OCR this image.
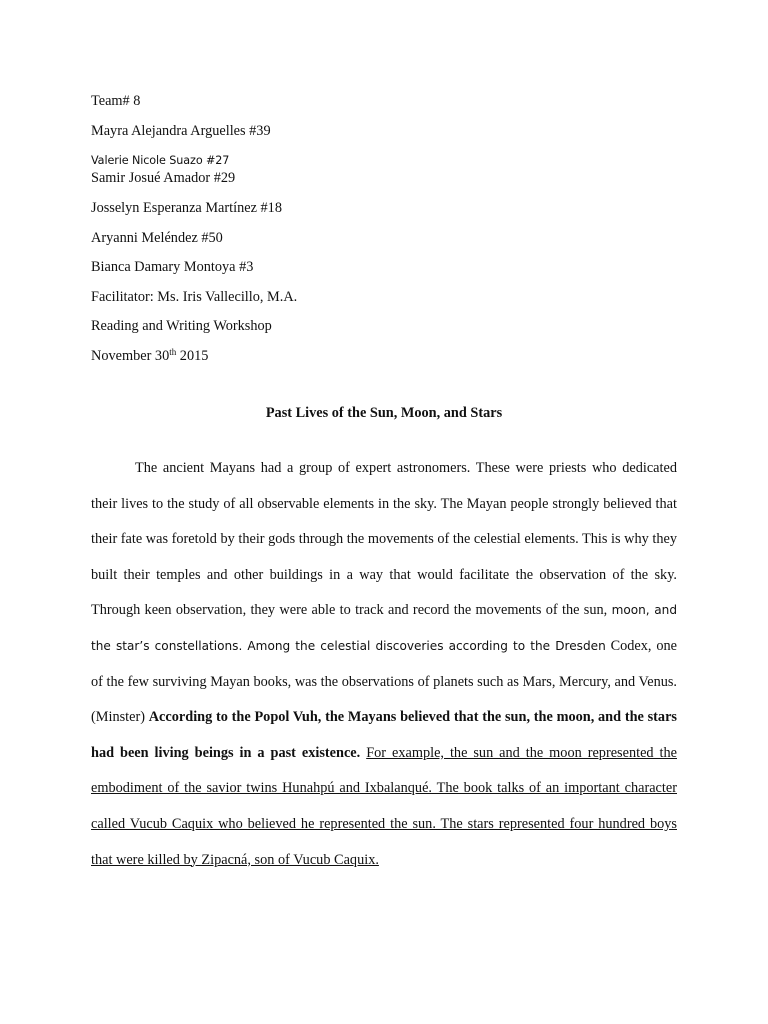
Team# 8
Mayra Alejandra Arguelles #39
Valerie Nicole Suazo #27
Samir Josué Amador #29
Josselyn Esperanza Martínez #18
Aryanni Meléndez #50
Bianca Damary Montoya #3
Facilitator: Ms. Iris Vallecillo, M.A.
Reading and Writing Workshop
November 30th 2015
Past Lives of the Sun, Moon, and Stars

The ancient Mayans had a group of expert astronomers. These were priests who dedicated their lives to the study of all observable elements in the sky. The Mayan people strongly believed that their fate was foretold by their gods through the movements of the celestial elements. This is why they built their temples and other buildings in a way that would facilitate the observation of the sky. Through keen observation, they were able to track and record the movements of the sun, moon, and the star’s constellations. Among the celestial discoveries according to the Dresden Codex, one of the few surviving Mayan books, was the observations of planets such as Mars, Mercury, and Venus. (Minster) According to the Popol Vuh, the Mayans believed that the sun, the moon, and the stars had been living beings in a past existence. For example, the sun and the moon represented the embodiment of the savior twins Hunahpú and Ixbalanqué. The book talks of an important character called Vucub Caquix who believed he represented the sun. The stars represented four hundred boys that were killed by Zipacná, son of Vucub Caquix.
